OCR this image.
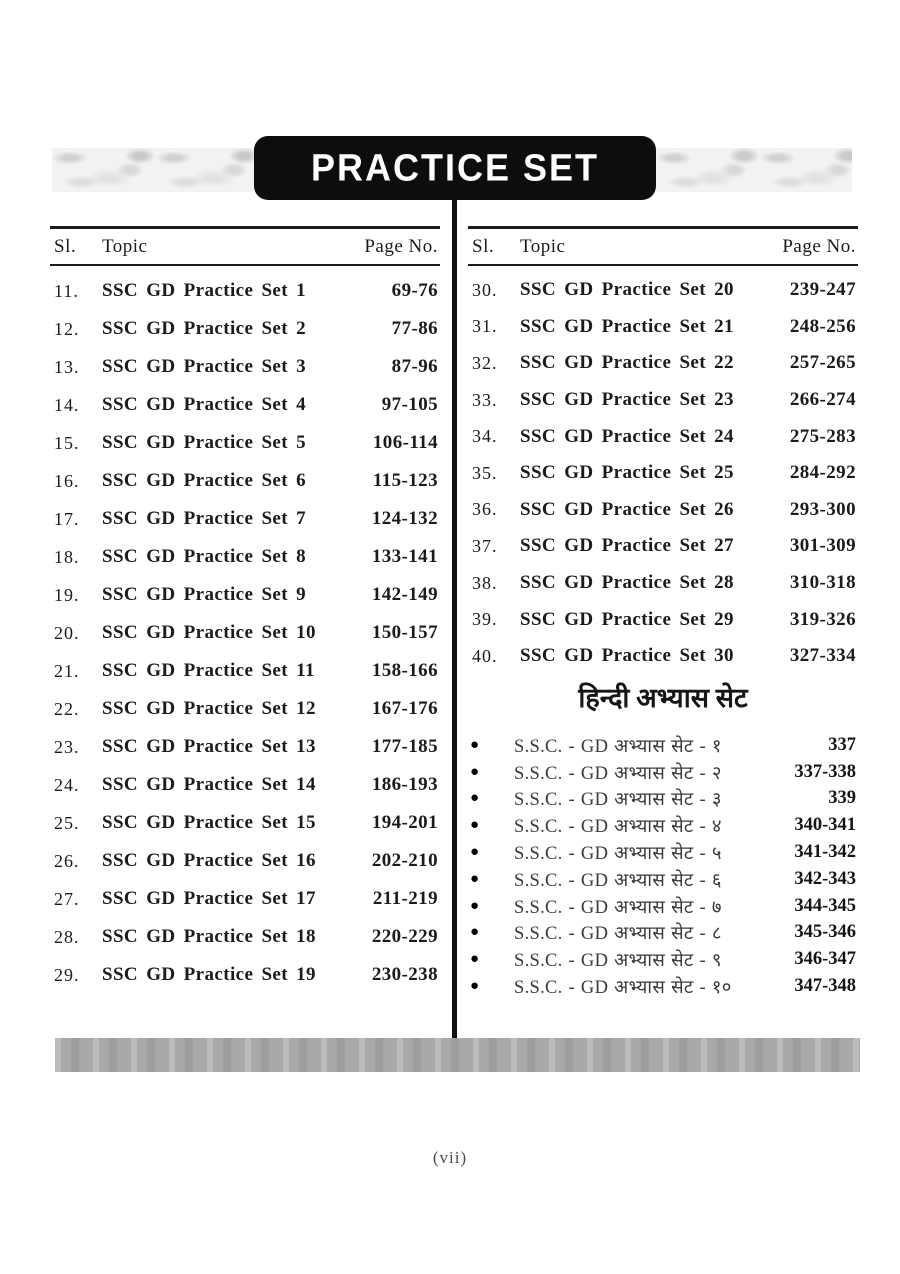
PRACTICE SET
Sl.	Topic	Page No.
11.	SSC GD Practice Set 1	69-76
12.	SSC GD Practice Set 2	77-86
13.	SSC GD Practice Set 3	87-96
14.	SSC GD Practice Set 4	97-105
15.	SSC GD Practice Set 5	106-114
16.	SSC GD Practice Set 6	115-123
17.	SSC GD Practice Set 7	124-132
18.	SSC GD Practice Set 8	133-141
19.	SSC GD Practice Set 9	142-149
20.	SSC GD Practice Set 10	150-157
21.	SSC GD Practice Set 11	158-166
22.	SSC GD Practice Set 12	167-176
23.	SSC GD Practice Set 13	177-185
24.	SSC GD Practice Set 14	186-193
25.	SSC GD Practice Set 15	194-201
26.	SSC GD Practice Set 16	202-210
27.	SSC GD Practice Set 17	211-219
28.	SSC GD Practice Set 18	220-229
29.	SSC GD Practice Set 19	230-238
Sl.	Topic	Page No.
30.	SSC GD Practice Set 20	239-247
31.	SSC GD Practice Set 21	248-256
32.	SSC GD Practice Set 22	257-265
33.	SSC GD Practice Set 23	266-274
34.	SSC GD Practice Set 24	275-283
35.	SSC GD Practice Set 25	284-292
36.	SSC GD Practice Set 26	293-300
37.	SSC GD Practice Set 27	301-309
38.	SSC GD Practice Set 28	310-318
39.	SSC GD Practice Set 29	319-326
40.	SSC GD Practice Set 30	327-334
हिन्दी अभ्यास सेट
●	S.S.C. - GD अभ्यास सेट - १	337
●	S.S.C. - GD अभ्यास सेट - २	337-338
●	S.S.C. - GD अभ्यास सेट - ३	339
●	S.S.C. - GD अभ्यास सेट - ४	340-341
●	S.S.C. - GD अभ्यास सेट - ५	341-342
●	S.S.C. - GD अभ्यास सेट - ६	342-343
●	S.S.C. - GD अभ्यास सेट - ७	344-345
●	S.S.C. - GD अभ्यास सेट - ८	345-346
●	S.S.C. - GD अभ्यास सेट - ९	346-347
●	S.S.C. - GD अभ्यास सेट - १०	347-348
(vii)
